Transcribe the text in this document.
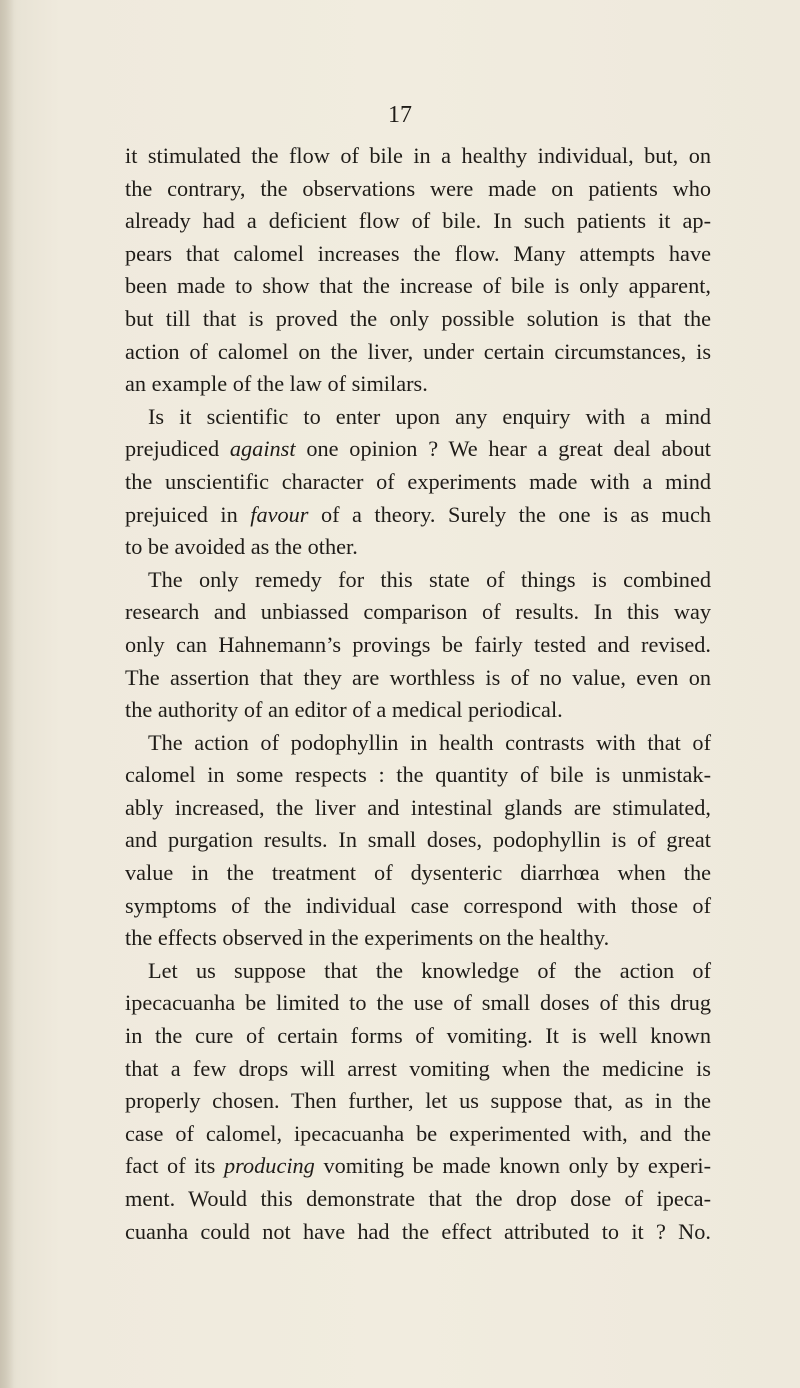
17

it stimulated the flow of bile in a healthy individual, but, on
the contrary, the observations were made on patients who
already had a deficient flow of bile. In such patients it ap-
pears that calomel increases the flow. Many attempts have
been made to show that the increase of bile is only apparent,
but till that is proved the only possible solution is that the
action of calomel on the liver, under certain circumstances, is
an example of the law of similars.

Is it scientific to enter upon any enquiry with a mind
prejudiced against one opinion ? We hear a great deal about
the unscientific character of experiments made with a mind
prejuiced in favour of a theory. Surely the one is as much
to be avoided as the other.

The only remedy for this state of things is combined
research and unbiassed comparison of results. In this way
only can Hahnemann’s provings be fairly tested and revised.
The assertion that they are worthless is of no value, even on
the authority of an editor of a medical periodical.

The action of podophyllin in health contrasts with that of
calomel in some respects : the quantity of bile is unmistak-
ably increased, the liver and intestinal glands are stimulated,
and purgation results. In small doses, podophyllin is of great
value in the treatment of dysenteric diarrhœa when the
symptoms of the individual case correspond with those of
the effects observed in the experiments on the healthy.

Let us suppose that the knowledge of the action of
ipecacuanha be limited to the use of small doses of this drug
in the cure of certain forms of vomiting. It is well known
that a few drops will arrest vomiting when the medicine is
properly chosen. Then further, let us suppose that, as in the
case of calomel, ipecacuanha be experimented with, and the
fact of its producing vomiting be made known only by experi-
ment. Would this demonstrate that the drop dose of ipeca-
cuanha could not have had the effect attributed to it ? No.
